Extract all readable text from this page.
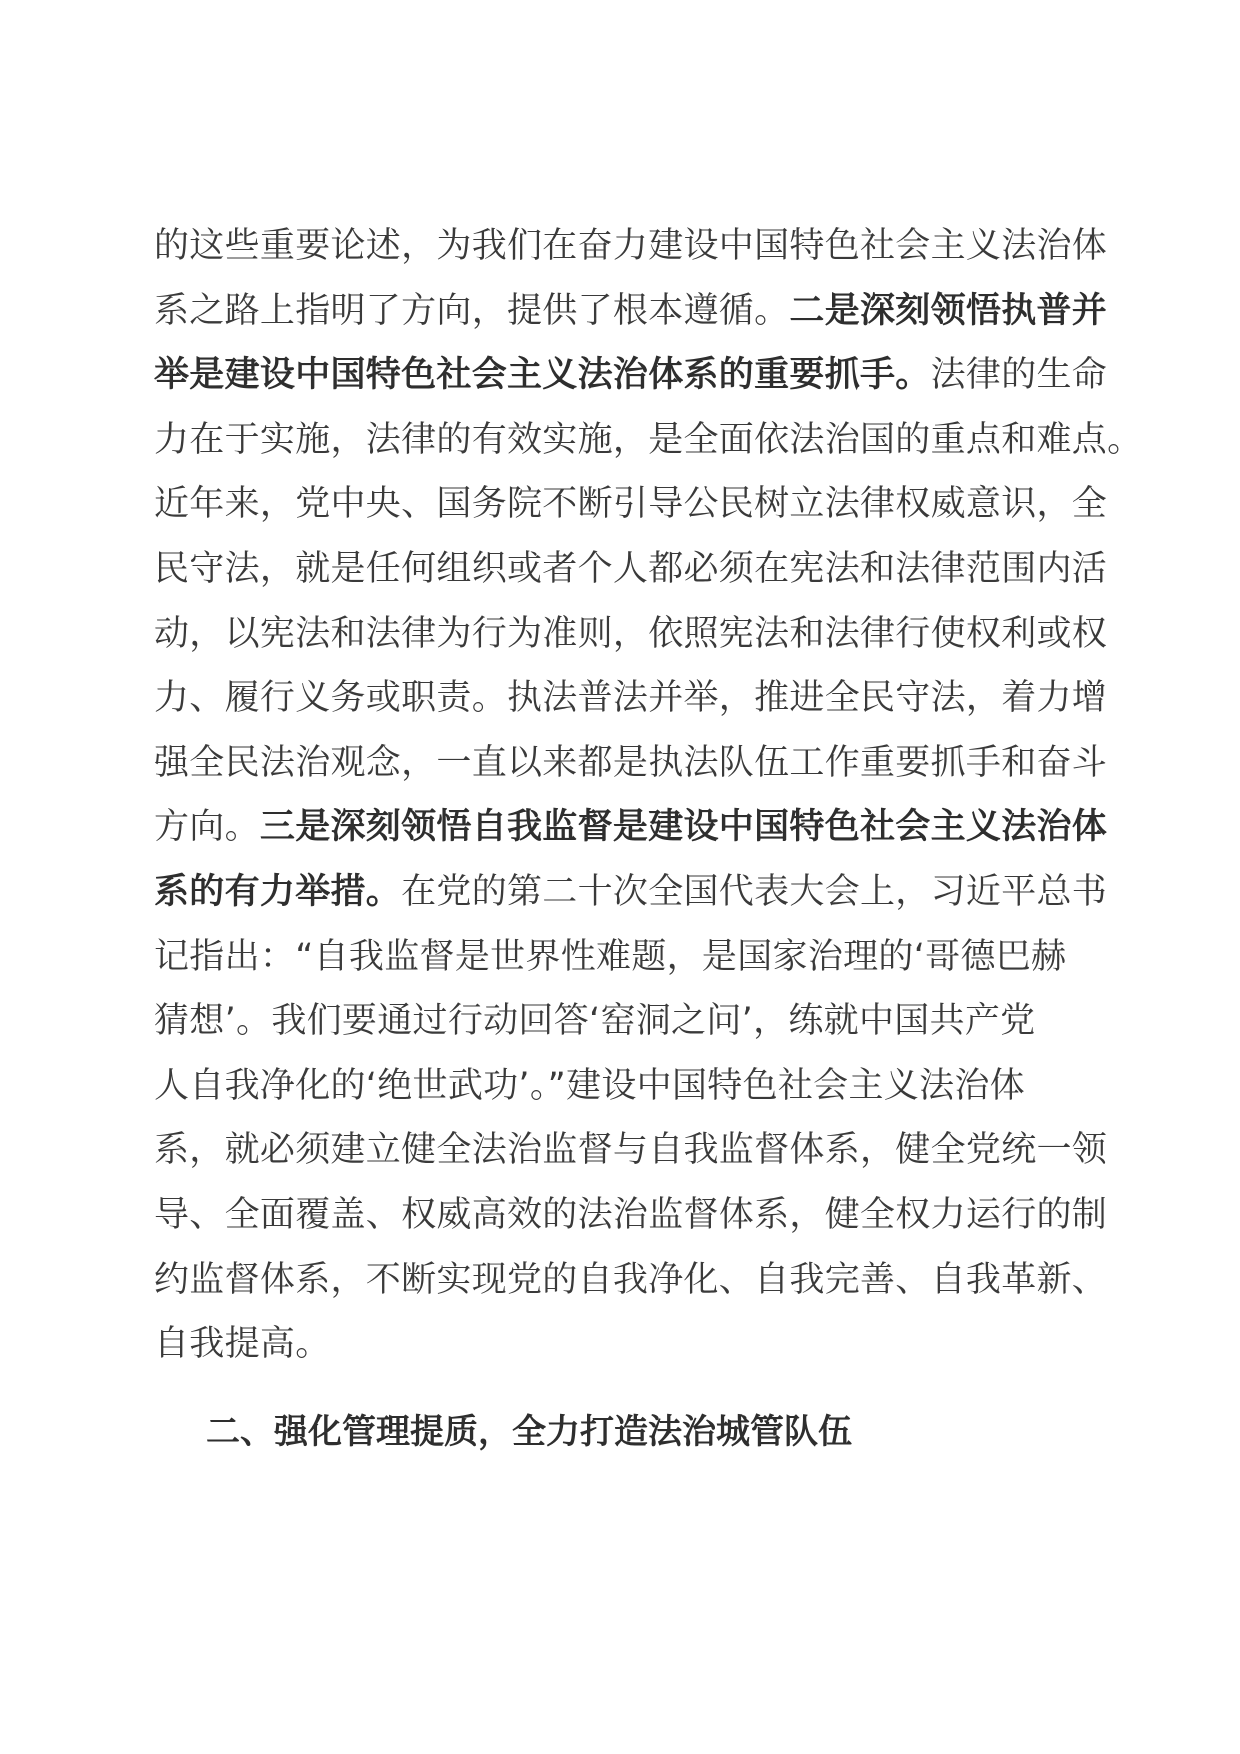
的这些重要论述，为我们在奋力建设中国特色社会主义法治体
系之路上指明了方向，提供了根本遵循。二是深刻领悟执普并
举是建设中国特色社会主义法治体系的重要抓手。法律的生命
力在于实施，法律的有效实施，是全面依法治国的重点和难点。
近年来，党中央、国务院不断引导公民树立法律权威意识，全
民守法，就是任何组织或者个人都必须在宪法和法律范围内活
动，以宪法和法律为行为准则，依照宪法和法律行使权利或权
力、履行义务或职责。执法普法并举，推进全民守法，着力增
强全民法治观念，一直以来都是执法队伍工作重要抓手和奋斗
方向。三是深刻领悟自我监督是建设中国特色社会主义法治体
系的有力举措。在党的第二十次全国代表大会上，习近平总书
记指出：“自我监督是世界性难题，是国家治理的‘哥德巴赫
猜想’。我们要通过行动回答‘窑洞之问’，练就中国共产党
人自我净化的‘绝世武功’。”建设中国特色社会主义法治体
系，就必须建立健全法治监督与自我监督体系，健全党统一领
导、全面覆盖、权威高效的法治监督体系，健全权力运行的制
约监督体系，不断实现党的自我净化、自我完善、自我革新、
自我提高。
二、强化管理提质，全力打造法治城管队伍
